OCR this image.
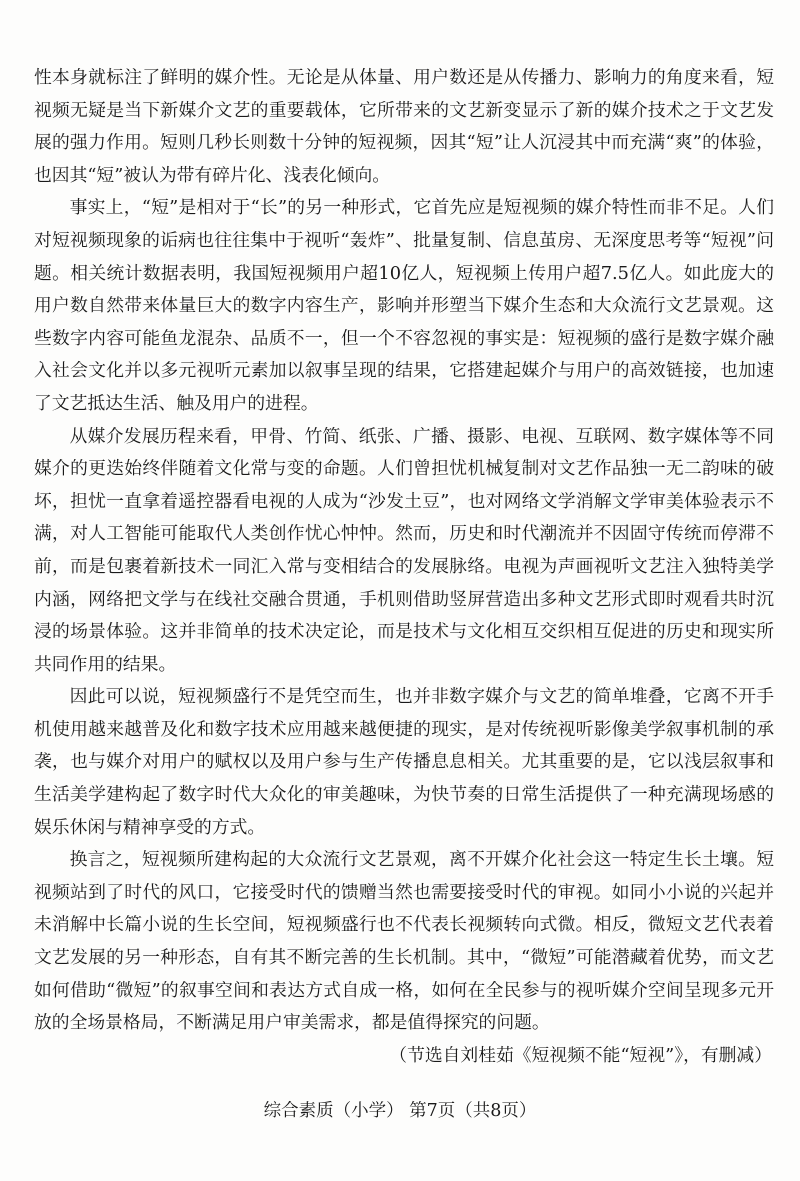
性本身就标注了鲜明的媒介性。无论是从体量、用户数还是从传播力、影响力的角度来看，短视频无疑是当下新媒介文艺的重要载体，它所带来的文艺新变显示了新的媒介技术之于文艺发展的强力作用。短则几秒长则数十分钟的短视频，因其“短”让人沉浸其中而充满“爽”的体验，也因其“短”被认为带有碎片化、浅表化倾向。

事实上，“短”是相对于“长”的另一种形式，它首先应是短视频的媒介特性而非不足。人们对短视频现象的诟病也往往集中于视听“轰炸”、批量复制、信息茧房、无深度思考等“短视”问题。相关统计数据表明，我国短视频用户超10亿人，短视频上传用户超7.5亿人。如此庞大的用户数自然带来体量巨大的数字内容生产，影响并形塑当下媒介生态和大众流行文艺景观。这些数字内容可能鱼龙混杂、品质不一，但一个不容忽视的事实是：短视频的盛行是数字媒介融入社会文化并以多元视听元素加以叙事呈现的结果，它搭建起媒介与用户的高效链接，也加速了文艺抵达生活、触及用户的进程。

从媒介发展历程来看，甲骨、竹简、纸张、广播、摄影、电视、互联网、数字媒体等不同媒介的更迭始终伴随着文化常与变的命题。人们曾担忧机械复制对文艺作品独一无二韵味的破坏，担忧一直拿着遥控器看电视的人成为“沙发土豆”，也对网络文学消解文学审美体验表示不满，对人工智能可能取代人类创作忧心忡忡。然而，历史和时代潮流并不因固守传统而停滞不前，而是包裹着新技术一同汇入常与变相结合的发展脉络。电视为声画视听文艺注入独特美学内涵，网络把文学与在线社交融合贯通，手机则借助竖屏营造出多种文艺形式即时观看共时沉浸的场景体验。这并非简单的技术决定论，而是技术与文化相互交织相互促进的历史和现实所共同作用的结果。

因此可以说，短视频盛行不是凭空而生，也并非数字媒介与文艺的简单堆叠，它离不开手机使用越来越普及化和数字技术应用越来越便捷的现实，是对传统视听影像美学叙事机制的承袭，也与媒介对用户的赋权以及用户参与生产传播息息相关。尤其重要的是，它以浅层叙事和生活美学建构起了数字时代大众化的审美趣味，为快节奏的日常生活提供了一种充满现场感的娱乐休闲与精神享受的方式。

换言之，短视频所建构起的大众流行文艺景观，离不开媒介化社会这一特定生长土壤。短视频站到了时代的风口，它接受时代的馈赠当然也需要接受时代的审视。如同小小说的兴起并未消解中长篇小说的生长空间，短视频盛行也不代表长视频转向式微。相反，微短文艺代表着文艺发展的另一种形态，自有其不断完善的生长机制。其中，“微短”可能潜藏着优势，而文艺如何借助“微短”的叙事空间和表达方式自成一格，如何在全民参与的视听媒介空间呈现多元开放的全场景格局，不断满足用户审美需求，都是值得探究的问题。

（节选自刘桂茹《短视频不能“短视”》，有删减）

综合素质（小学） 第7页（共8页）
